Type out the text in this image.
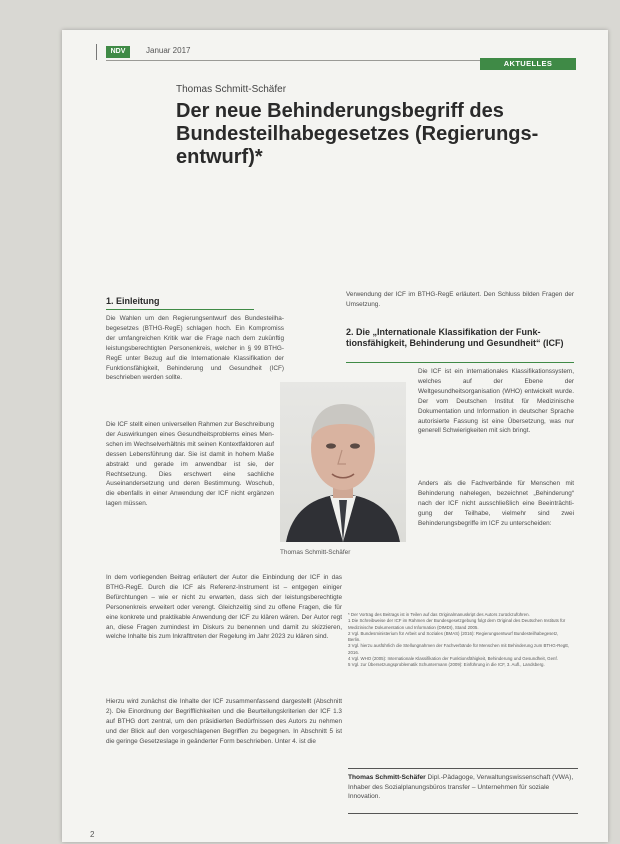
NDV	Januar 2017
AKTUELLES
Thomas Schmitt-Schäfer
Der neue Behinderungsbegriff des
Bundesteilhabegesetzes (Regierungs-
entwurf)*
1. Einleitung

Die Wahlen um den Regierungsentwurf des Bundesteilhabegesetzes (BTHG-RegE) schlagen hoch. Ein Kompromiss der umfangreichen Kritik war die Frage nach dem zukünftig leistungsberechtigten Personenkreis, welcher in § 99 BTHG-RegE unter Bezug auf die Internationale Klassifikation der Funktionsfähigkeit, Behinderung und Gesundheit (ICF) beschrieben werden sollte.

Die ICF stellt einen universellen Rahmen zur Beschreibung der Auswirkungen eines Gesundheitsproblems eines Menschen im Wechselverhältnis mit seinen Kontextfaktoren auf dessen Lebensführung dar. Sie ist damit in hohem Maße abstrakt und gerade im anwendbar ist sie, der Rechtsetzung. Dies erschwert eine sachliche Auseinandersetzung und deren Bestimmung. Woschub, die ebenfalls in einer Anwendung der ICF nicht ergänzen lagen müssen.

In dem vorliegenden Beitrag erläutert der Autor die Einbindung der ICF in das BTHG-RegE. Durch die ICF als Referenz-Instrument ist – entgegen einiger Befürchtungen – wie er nicht zu erwarten, dass sich der leistungsberechtigte Personenkreis erweitert oder verengt. Gleichzeitig sind zu offene Fragen, die für eine konkrete und praktikable Anwendung der ICF zu klären wären. Der Autor regt an, diese Fragen zumindest im Diskurs zu benennen und damit zu skizzieren, welche Inhalte bis zum Inkrafttreten der Regelung im Jahr 2023 zu klären sind.

Hierzu wird zunächst die Inhalte der ICF zusammenfassend dargestellt (Abschnitt 2). Die Einordnung der Begrifflichkeiten und die Beurteilungskriterien der ICF 1.3 auf BTHG dort zentral, um den präsidierten Bedürfnissen des Autors zu nehmen und der Blick auf den vorgeschlagenen Begriffen zu begegnen. In Abschnitt 5 ist die geringe Gesetzeslage in geänderter Form beschrieben. Unter 4. ist die

Verwendung der ICF im BTHG-RegE erläutert. Den Schluss bilden Fragen der Umsetzung.

2. Die „Internationale Klassifikation der Funktionsfähigkeit, Behinderung und Gesundheit“ (ICF)

Die ICF ist ein internationales Klassifikationssystem, welches auf der Ebene der Weltgesundheitsorganisation (WHO) entwickelt wurde. Der vom Deutschen Institut für Medizinische Dokumentation und Information in deutscher Sprache autorisierte Fassung ist eine Übersetzung, was nur generell Schwierigkeiten mit sich bringt.

Anders als die Fachverbände für Menschen mit Behinderung nahelegen, bezeichnet „Behinderung“ nach der ICF nicht ausschließlich eine Beeinträchtigung der Teilhabe, vielmehr sind zwei Behinderungsbegriffe im ICF zu unterscheiden:

Thomas Schmitt-Schäfer

* Der Vortrag des Beitrags ist in Teilen auf das Originalmanuskript des Autors zurückzuführen.

1 Die Schreibweise der ICF im Rahmen der Bundesgesetzgebung folgt dem Original des Deutschen Instituts für Medizinische Dokumentation und Information (DIMDI), Stand 2005.

2 Vgl. Bundesministerium für Arbeit und Soziales (BMAS) (2016): Regierungsentwurf Bundesteilhabegesetz, Berlin.

3 Vgl. hierzu ausführlich die Stellungnahmen der Fachverbände für Menschen mit Behinderung zum BTHG-RegE, 2016.

4 Vgl. WHO (2005): Internationale Klassifikation der Funktionsfähigkeit, Behinderung und Gesundheit, Genf.

5 Vgl. zur Übersetzungsproblematik Schuntermann (2009): Einführung in die ICF, 3. Aufl., Landsberg.

Thomas Schmitt-Schäfer Dipl.-Pädagoge, Verwaltungswissenschaft (VWA), Inhaber des Sozialplanungsbüros transfer – Unternehmen für soziale Innovation.
2
